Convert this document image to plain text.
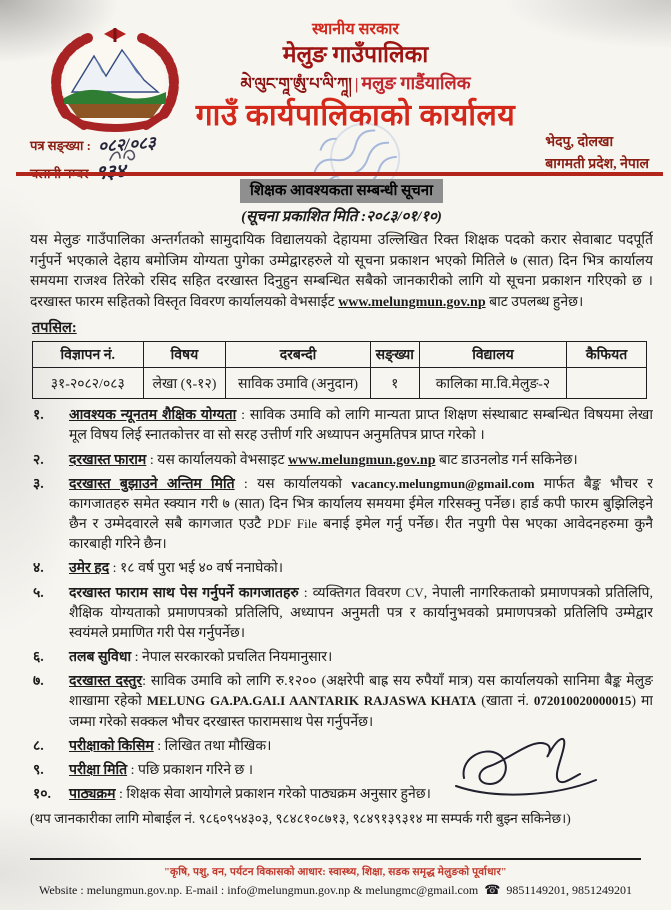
स्थानीय सरकार
मेलुङ गाउँपालिका
མེ་ལུང་གཱ་ཨུཾ་པ་ལི་ཀཱ། | मलुङ गाडैंयालिक
गाउँ कार्यपालिकाको कार्यालय
पत्र सङ्ख्या : ०८२/०८३	भेदपु, दोलखा
बागमती प्रदेश, नेपाल
शिक्षक आवश्यकता सम्बन्धी सूचना
(सूचना प्रकाशित मिति :२०८३/०१/१०)
यस मेलुङ गाउँपालिका अन्तर्गतको सामुदायिक विद्यालयको देहायमा उल्लिखित रिक्त शिक्षक पदको करार सेवाबाट पदपूर्ति गर्नुपर्ने भएकाले देहाय बमोजिम योग्यता पुगेका उम्मेद्वारहरुले यो सूचना प्रकाशन भएको मितिले ७ (सात) दिन भित्र कार्यालय समयमा राजश्व तिरेको रसिद सहित दरखास्त दिनुहुन सम्बन्धित सबैको जानकारीको लागि यो सूचना प्रकाशन गरिएको छ । दरखास्त फारम सहितको विस्तृत विवरण कार्यालयको वेभसाईट www.melungmun.gov.np बाट उपलब्ध हुनेछ।
तपसिल:
विज्ञापन नं.	विषय	दरबन्दी	सङ्ख्या	विद्यालय	कैफियत
३१-२०८२/०८३	लेखा (९-१२)	साविक उमावि (अनुदान)	१	कालिका मा.वि.मेलुङ-२	
१.	आवश्यक न्यूनतम शैक्षिक योग्यता : साविक उमावि को लागि मान्यता प्राप्त शिक्षण संस्थाबाट सम्बन्धित विषयमा लेखा मूल विषय लिई स्नातकोत्तर वा सो सरह उत्तीर्ण गरि अध्यापन अनुमतिपत्र प्राप्त गरेको ।
२.	दरखास्त फाराम : यस कार्यालयको वेभसाइट www.melungmun.gov.np बाट डाउनलोड गर्न सकिनेछ।
३.	दरखास्त बुझाउने अन्तिम मिति : यस कार्यालयको vacancy.melungmun@gmail.com मार्फत बैङ्क भौचर र कागजातहरु समेत स्क्यान गरी ७ (सात) दिन भित्र कार्यालय समयमा ईमेल गरिसक्नु पर्नेछ। हार्ड कपी फारम बुझिलिइने छैन र उम्मेदवारले सबै कागजात एउटै PDF File बनाई इमेल गर्नु पर्नेछ। रीत नपुगी पेस भएका आवेदनहरुमा कुनै कारबाही गरिने छैन।
४.	उमेर हद : १८ वर्ष पुरा भई ४० वर्ष ननाघेको।
५.	दरखास्त फाराम साथ पेस गर्नुपर्ने कागजातहरु : व्यक्तिगत विवरण CV, नेपाली नागरिकताको प्रमाणपत्रको प्रतिलिपि, शैक्षिक योग्यताको प्रमाणपत्रको प्रतिलिपि, अध्यापन अनुमती पत्र र कार्यानुभवको प्रमाणपत्रको प्रतिलिपि उम्मेद्वार स्वयंमले प्रमाणित गरी पेस गर्नुपर्नेछ।
६.	तलब सुविधा : नेपाल सरकारको प्रचलित नियमानुसार।
७.	दरखास्त दस्तुर: साविक उमावि को लागि रु.१२०० (अक्षरेपी बाह्र सय रुपैयाँ मात्र) यस कार्यालयको सानिमा बैङ्क मेलुङ शाखामा रहेको MELUNG GA.PA.GAI.I AANTARIK RAJASWA KHATA (खाता नं. 072010020000015) मा जम्मा गरेको सक्कल भौचर दरखास्त फारामसाथ पेस गर्नुपर्नेछ।
८.	परीक्षाको किसिम : लिखित तथा मौखिक।
९.	परीक्षा मिति : पछि प्रकाशन गरिने छ ।
१०.	पाठ्यक्रम : शिक्षक सेवा आयोगले प्रकाशन गरेको पाठ्यक्रम अनुसार हुनेछ।
(थप जानकारीका लागि मोबाईल नं. ९८६०९५४३०३, ९८४८१०८७१३, ९८४९१३९३१४ मा सम्पर्क गरी बुझ्न सकिनेछ।)
"कृषि, पशु, वन, पर्यटन विकासको आधार: स्वास्थ्य, शिक्षा, सडक समृद्ध मेलुङको पूर्वाधार"
Website : melungmun.gov.np. E-mail : info@melungmun.gov.np & melungmc@gmail.com ☎ 9851149201, 9851249201
